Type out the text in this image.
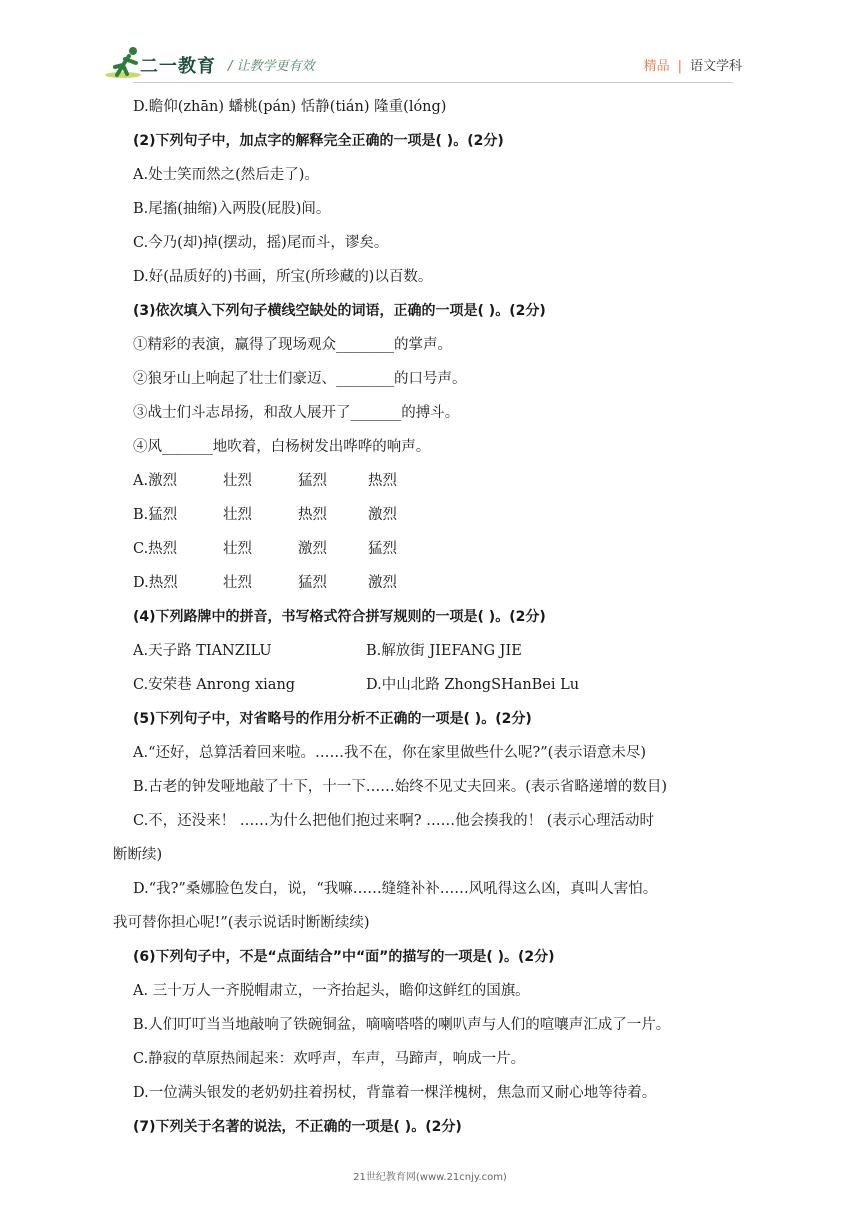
二一教育 / 让教学更有效	精品 | 语文学科
D.瞻仰(zhān) 蟠桃(pán) 恬静(tián) 隆重(lóng)
(2)下列句子中，加点字的解释完全正确的一项是( )。(2分)
A.处士笑而然之(然后走了)。
B.尾搐(抽缩)入两股(屁股)间。
C.今乃(却)掉(摆动，摇)尾而斗，谬矣。
D.好(品质好的)书画，所宝(所珍藏的)以百数。
(3)依次填入下列句子横线空缺处的词语，正确的一项是( )。(2分)
①精彩的表演，赢得了现场观众________的掌声。
②狼牙山上响起了壮士们豪迈、________的口号声。
③战士们斗志昂扬，和敌人展开了_______的搏斗。
④风_______地吹着，白杨树发出哗哗的响声。
A.激烈	壮烈	猛烈	热烈
B.猛烈	壮烈	热烈	激烈
C.热烈	壮烈	激烈	猛烈
D.热烈	壮烈	猛烈	激烈
(4)下列路牌中的拼音，书写格式符合拼写规则的一项是( )。(2分)
A.天子路 TIANZILU	B.解放街 JIEFANG JIE
C.安荣巷 Anrong xiang	D.中山北路 ZhongSHanBei Lu
(5)下列句子中，对省略号的作用分析不正确的一项是( )。(2分)
A.“还好，总算活着回来啦。……我不在，你在家里做些什么呢?”(表示语意未尽)
B.古老的钟发哑地敲了十下，十一下……始终不见丈夫回来。(表示省略递增的数目)
C.不，还没来！ ……为什么把他们抱过来啊? ……他会揍我的！ (表示心理活动时
断断续)
D.“我?”桑娜脸色发白，说，“我嘛……缝缝补补……风吼得这么凶，真叫人害怕。
我可替你担心呢!”(表示说话时断断续续)
(6)下列句子中，不是“点面结合”中“面”的描写的一项是( )。(2分)
A. 三十万人一齐脱帽肃立，一齐抬起头，瞻仰这鲜红的国旗。
B.人们叮叮当当地敲响了铁碗铜盆，嘀嘀嗒嗒的喇叭声与人们的喧嚷声汇成了一片。
C.静寂的草原热闹起来：欢呼声，车声，马蹄声，响成一片。
D.一位满头银发的老奶奶拄着拐杖，背靠着一棵洋槐树，焦急而又耐心地等待着。
(7)下列关于名著的说法，不正确的一项是( )。(2分)
21世纪教育网(www.21cnjy.com)
